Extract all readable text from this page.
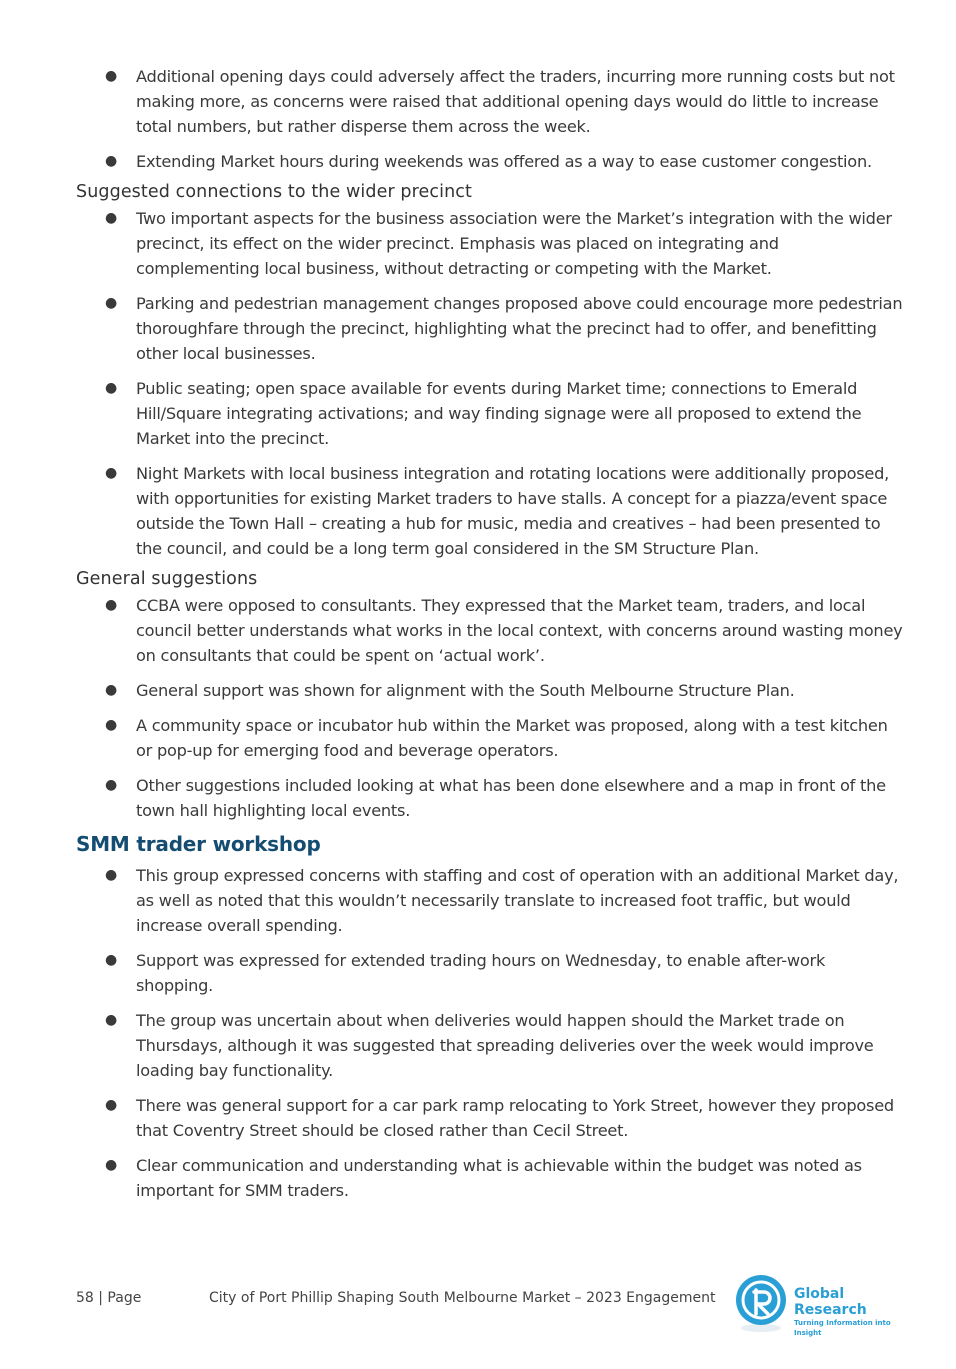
● Additional opening days could adversely affect the traders, incurring more running costs but not making more, as concerns were raised that additional opening days would do little to increase total numbers, but rather disperse them across the week.
● Extending Market hours during weekends was offered as a way to ease customer congestion.
Suggested connections to the wider precinct
● Two important aspects for the business association were the Market’s integration with the wider precinct, its effect on the wider precinct. Emphasis was placed on integrating and complementing local business, without detracting or competing with the Market.
● Parking and pedestrian management changes proposed above could encourage more pedestrian thoroughfare through the precinct, highlighting what the precinct had to offer, and benefitting other local businesses.
● Public seating; open space available for events during Market time; connections to Emerald Hill/Square integrating activations; and way finding signage were all proposed to extend the Market into the precinct.
● Night Markets with local business integration and rotating locations were additionally proposed, with opportunities for existing Market traders to have stalls. A concept for a piazza/event space outside the Town Hall – creating a hub for music, media and creatives – had been presented to the council, and could be a long term goal considered in the SM Structure Plan.
General suggestions
● CCBA were opposed to consultants. They expressed that the Market team, traders, and local council better understands what works in the local context, with concerns around wasting money on consultants that could be spent on ‘actual work’.
● General support was shown for alignment with the South Melbourne Structure Plan.
● A community space or incubator hub within the Market was proposed, along with a test kitchen or pop-up for emerging food and beverage operators.
● Other suggestions included looking at what has been done elsewhere and a map in front of the town hall highlighting local events.
SMM trader workshop
● This group expressed concerns with staffing and cost of operation with an additional Market day, as well as noted that this wouldn’t necessarily translate to increased foot traffic, but would increase overall spending.
● Support was expressed for extended trading hours on Wednesday, to enable after-work shopping.
● The group was uncertain about when deliveries would happen should the Market trade on Thursdays, although it was suggested that spreading deliveries over the week would improve loading bay functionality.
● There was general support for a car park ramp relocating to York Street, however they proposed that Coventry Street should be closed rather than Cecil Street.
● Clear communication and understanding what is achievable within the budget was noted as important for SMM traders.
58 | Page	City of Port Phillip Shaping South Melbourne Market – 2023 Engagement	Global Research
Turning Information into Insight
